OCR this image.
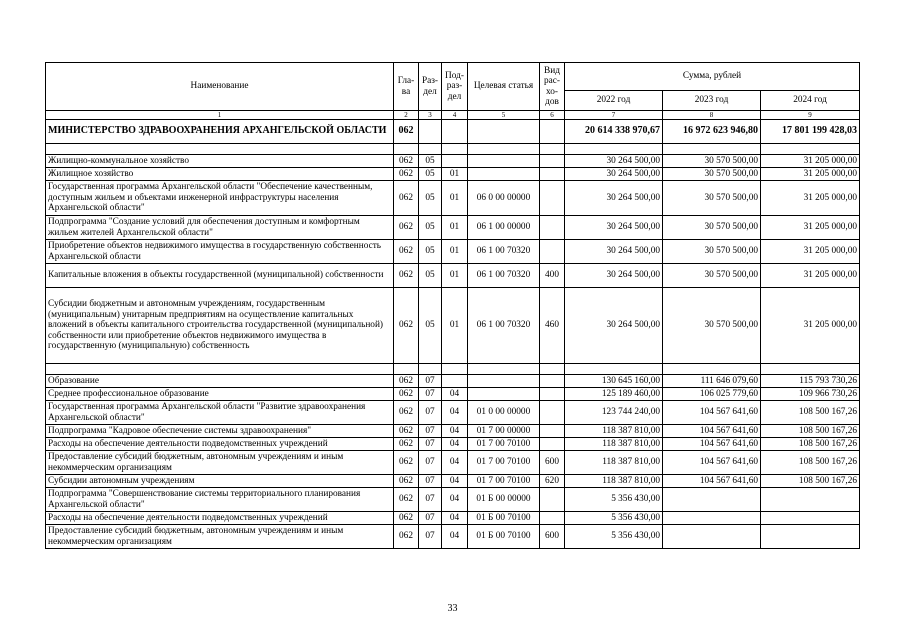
Наименование	Гла-ва	Раз-дел	Под-раз-дел	Целевая статья	Вид рас-хо-дов	Сумма, рублей		
						2022 год	2023 год	2024 год
1	2	3	4	5	6	7	8	9
МИНИСТЕРСТВО ЗДРАВООХРАНЕНИЯ АРХАНГЕЛЬСКОЙ ОБЛАСТИ	062					20 614 338 970,67	16 972 623 946,80	17 801 199 428,03

Жилищно-коммунальное хозяйство	062	05				30 264 500,00	30 570 500,00	31 205 000,00
Жилищное хозяйство	062	05	01			30 264 500,00	30 570 500,00	31 205 000,00
Государственная программа Архангельской области "Обеспечение качественным, доступным жильем и объектами инженерной инфраструктуры населения Архангельской области"	062	05	01	06 0 00 00000		30 264 500,00	30 570 500,00	31 205 000,00
Подпрограмма "Создание условий для обеспечения доступным и комфортным жильем жителей Архангельской области"	062	05	01	06 1 00 00000		30 264 500,00	30 570 500,00	31 205 000,00
Приобретение объектов недвижимого имущества в государственную собственность Архангельской области	062	05	01	06 1 00 70320		30 264 500,00	30 570 500,00	31 205 000,00
Капитальные вложения в объекты государственной (муниципальной) собственности	062	05	01	06 1 00 70320	400	30 264 500,00	30 570 500,00	31 205 000,00
Субсидии бюджетным и автономным учреждениям, государственным (муниципальным) унитарным предприятиям на осуществление капитальных вложений в объекты капитального строительства государственной (муниципальной) собственности или приобретение объектов недвижимого имущества в государственную (муниципальную) собственность	062	05	01	06 1 00 70320	460	30 264 500,00	30 570 500,00	31 205 000,00

Образование	062	07				130 645 160,00	111 646 079,60	115 793 730,26
Среднее профессиональное образование	062	07	04			125 189 460,00	106 025 779,60	109 966 730,26
Государственная программа Архангельской области "Развитие здравоохранения Архангельской области"	062	07	04	01 0 00 00000		123 744 240,00	104 567 641,60	108 500 167,26
Подпрограмма "Кадровое обеспечение системы здравоохранения"	062	07	04	01 7 00 00000		118 387 810,00	104 567 641,60	108 500 167,26
Расходы на обеспечение деятельности подведомственных учреждений	062	07	04	01 7 00 70100		118 387 810,00	104 567 641,60	108 500 167,26
Предоставление субсидий бюджетным, автономным учреждениям и иным некоммерческим организациям	062	07	04	01 7 00 70100	600	118 387 810,00	104 567 641,60	108 500 167,26
Субсидии автономным учреждениям	062	07	04	01 7 00 70100	620	118 387 810,00	104 567 641,60	108 500 167,26
Подпрограмма "Совершенствование системы территориального планирования Архангельской области"	062	07	04	01 Б 00 00000		5 356 430,00		
Расходы на обеспечение деятельности подведомственных учреждений	062	07	04	01 Б 00 70100		5 356 430,00		
Предоставление субсидий бюджетным, автономным учреждениям и иным некоммерческим организациям	062	07	04	01 Б 00 70100	600	5 356 430,00		
33
